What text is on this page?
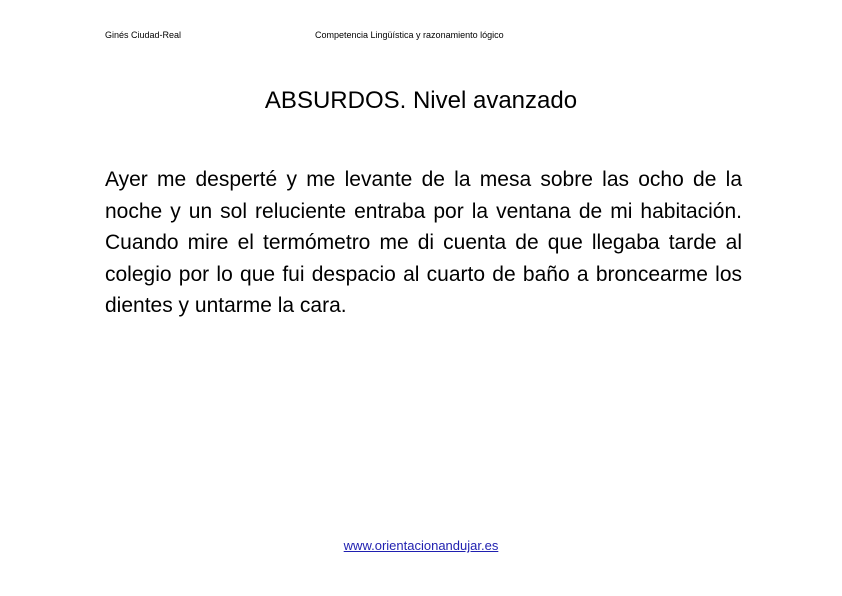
Ginés Ciudad-Real	Competencia Lingüística y razonamiento lógico
ABSURDOS. Nivel avanzado

Ayer me desperté y me levante de la mesa sobre las ocho de la noche y un sol reluciente entraba por la ventana de mi habitación. Cuando mire el termómetro me di cuenta de que llegaba tarde al colegio por lo que fui despacio al cuarto de baño a broncearme los dientes y untarme la cara.

www.orientacionandujar.es
